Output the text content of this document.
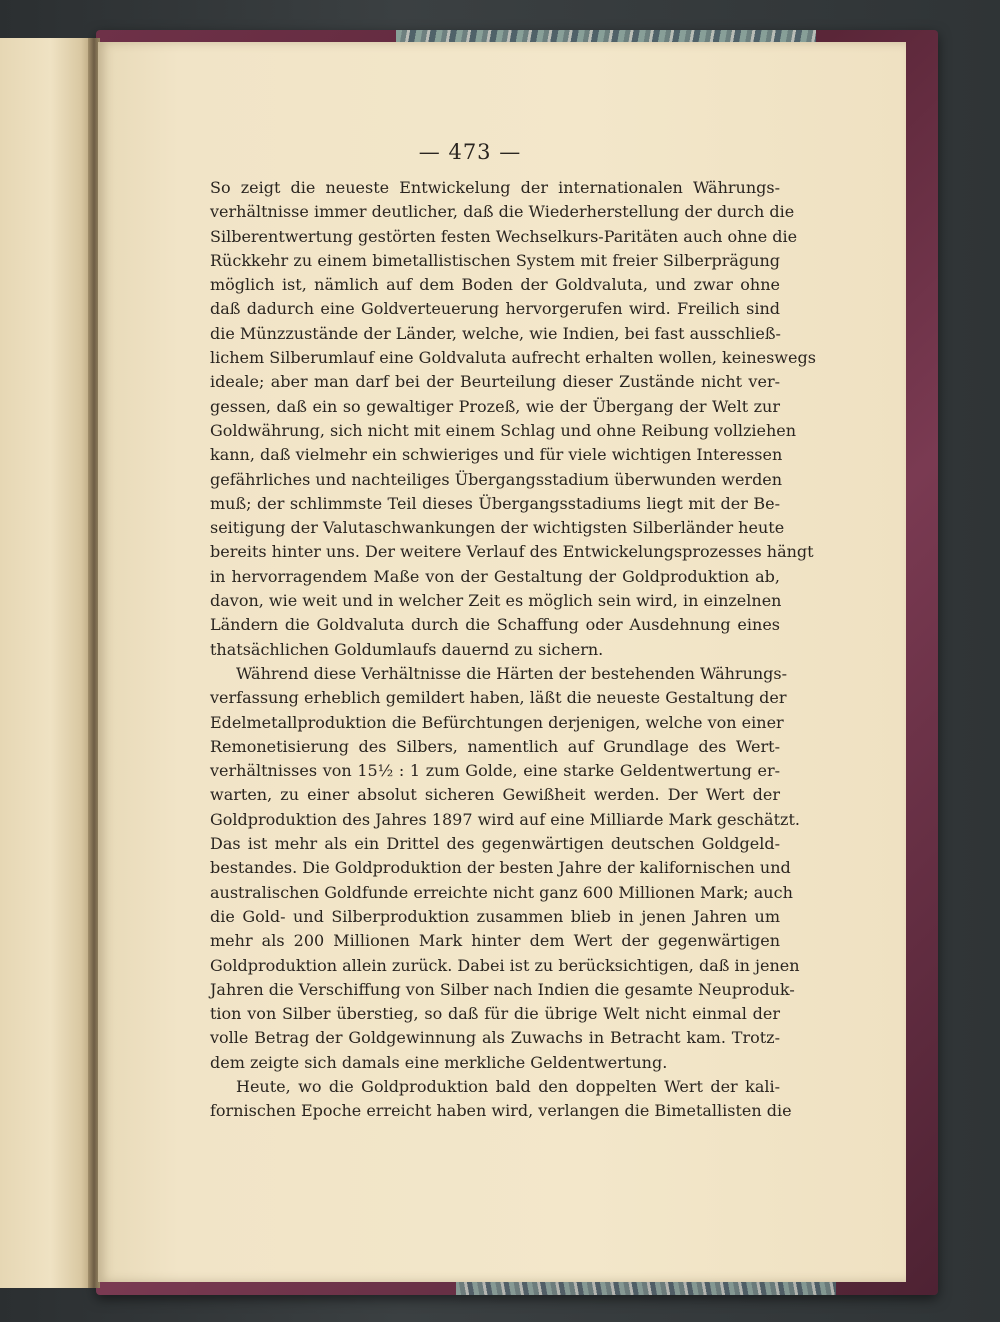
— 473 —

So zeigt die neueste Entwickelung der internationalen Währungs-
verhältnisse immer deutlicher, daß die Wiederherstellung der durch die
Silberentwertung gestörten festen Wechselkurs-Paritäten auch ohne die
Rückkehr zu einem bimetallistischen System mit freier Silberprägung
möglich ist, nämlich auf dem Boden der Goldvaluta, und zwar ohne
daß dadurch eine Goldverteuerung hervorgerufen wird. Freilich sind
die Münzzustände der Länder, welche, wie Indien, bei fast ausschließ-
lichem Silberumlauf eine Goldvaluta aufrecht erhalten wollen, keineswegs
ideale; aber man darf bei der Beurteilung dieser Zustände nicht ver-
gessen, daß ein so gewaltiger Prozeß, wie der Übergang der Welt zur
Goldwährung, sich nicht mit einem Schlag und ohne Reibung vollziehen
kann, daß vielmehr ein schwieriges und für viele wichtigen Interessen
gefährliches und nachteiliges Übergangsstadium überwunden werden
muß; der schlimmste Teil dieses Übergangsstadiums liegt mit der Be-
seitigung der Valutaschwankungen der wichtigsten Silberländer heute
bereits hinter uns. Der weitere Verlauf des Entwickelungsprozesses hängt
in hervorragendem Maße von der Gestaltung der Goldproduktion ab,
davon, wie weit und in welcher Zeit es möglich sein wird, in einzelnen
Ländern die Goldvaluta durch die Schaffung oder Ausdehnung eines
thatsächlichen Goldumlaufs dauernd zu sichern.

Während diese Verhältnisse die Härten der bestehenden Währungs-
verfassung erheblich gemildert haben, läßt die neueste Gestaltung der
Edelmetallproduktion die Befürchtungen derjenigen, welche von einer
Remonetisierung des Silbers, namentlich auf Grundlage des Wert-
verhältnisses von 15½ : 1 zum Golde, eine starke Geldentwertung er-
warten, zu einer absolut sicheren Gewißheit werden. Der Wert der
Goldproduktion des Jahres 1897 wird auf eine Milliarde Mark geschätzt.
Das ist mehr als ein Drittel des gegenwärtigen deutschen Goldgeld-
bestandes. Die Goldproduktion der besten Jahre der kalifornischen und
australischen Goldfunde erreichte nicht ganz 600 Millionen Mark; auch
die Gold- und Silberproduktion zusammen blieb in jenen Jahren um
mehr als 200 Millionen Mark hinter dem Wert der gegenwärtigen
Goldproduktion allein zurück. Dabei ist zu berücksichtigen, daß in jenen
Jahren die Verschiffung von Silber nach Indien die gesamte Neuproduk-
tion von Silber überstieg, so daß für die übrige Welt nicht einmal der
volle Betrag der Goldgewinnung als Zuwachs in Betracht kam. Trotz-
dem zeigte sich damals eine merkliche Geldentwertung.

Heute, wo die Goldproduktion bald den doppelten Wert der kali-
fornischen Epoche erreicht haben wird, verlangen die Bimetallisten die
